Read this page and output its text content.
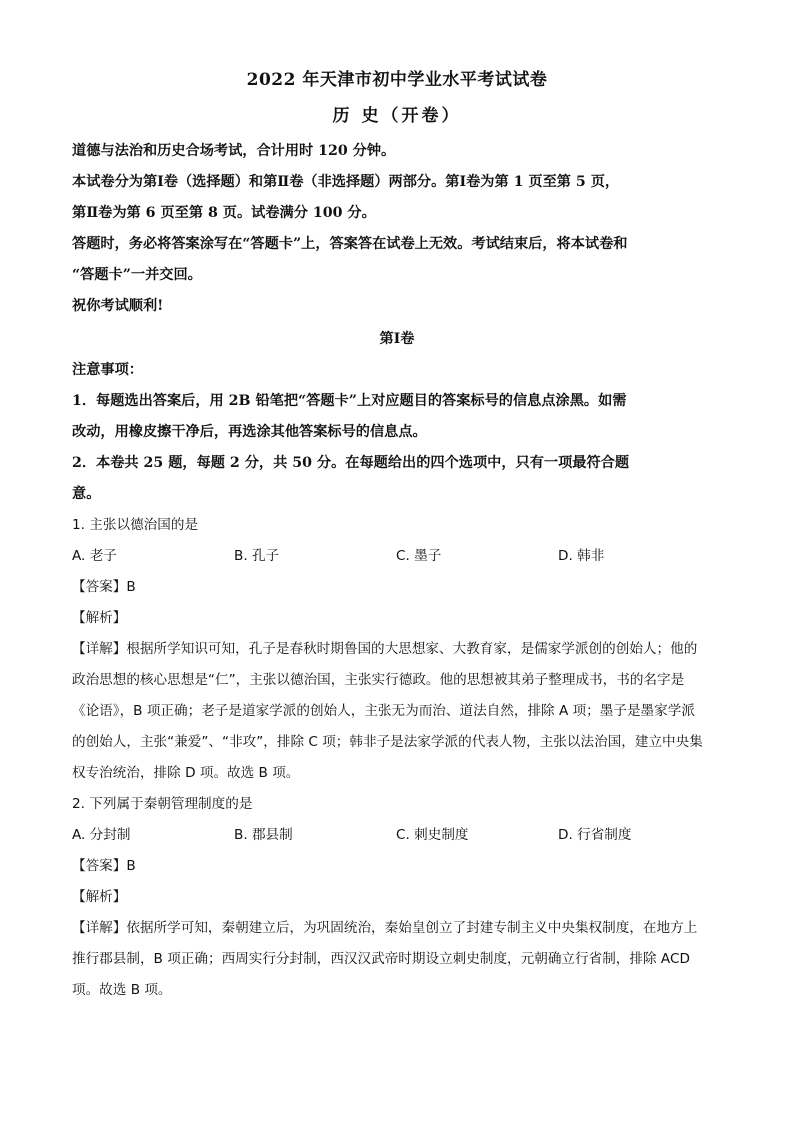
2022 年天津市初中学业水平考试试卷

历 史（开卷）

道德与法治和历史合场考试，合计用时 120 分钟。

本试卷分为第Ⅰ卷（选择题）和第Ⅱ卷（非选择题）两部分。第Ⅰ卷为第 1 页至第 5 页，

第Ⅱ卷为第 6 页至第 8 页。试卷满分 100 分。

答题时，务必将答案涂写在“答题卡”上，答案答在试卷上无效。考试结束后，将本试卷和

“答题卡”一并交回。

祝你考试顺利!

第Ⅰ卷

注意事项：

1．每题选出答案后，用 2B 铅笔把“答题卡”上对应题目的答案标号的信息点涂黑。如需

改动，用橡皮擦干净后，再选涂其他答案标号的信息点。

2．本卷共 25 题，每题 2 分，共 50 分。在每题给出的四个选项中，只有一项最符合题

意。

1. 主张以德治国的是

A. 老子	B. 孔子	C. 墨子	D. 韩非

【答案】B

【解析】

【详解】根据所学知识可知，孔子是春秋时期鲁国的大思想家、大教育家，是儒家学派创的创始人；他的

政治思想的核心思想是“仁”，主张以德治国，主张实行德政。他的思想被其弟子整理成书，书的名字是

《论语》，B 项正确；老子是道家学派的创始人，主张无为而治、道法自然，排除 A 项；墨子是墨家学派

的创始人，主张“兼爱”、“非攻”，排除 C 项；韩非子是法家学派的代表人物，主张以法治国，建立中央集

权专治统治，排除 D 项。故选 B 项。

2. 下列属于秦朝管理制度的是

A. 分封制	B. 郡县制	C. 刺史制度	D. 行省制度

【答案】B

【解析】

【详解】依据所学可知，秦朝建立后，为巩固统治，秦始皇创立了封建专制主义中央集权制度，在地方上

推行郡县制，B 项正确；西周实行分封制，西汉汉武帝时期设立刺史制度，元朝确立行省制，排除 ACD

项。故选 B 项。
